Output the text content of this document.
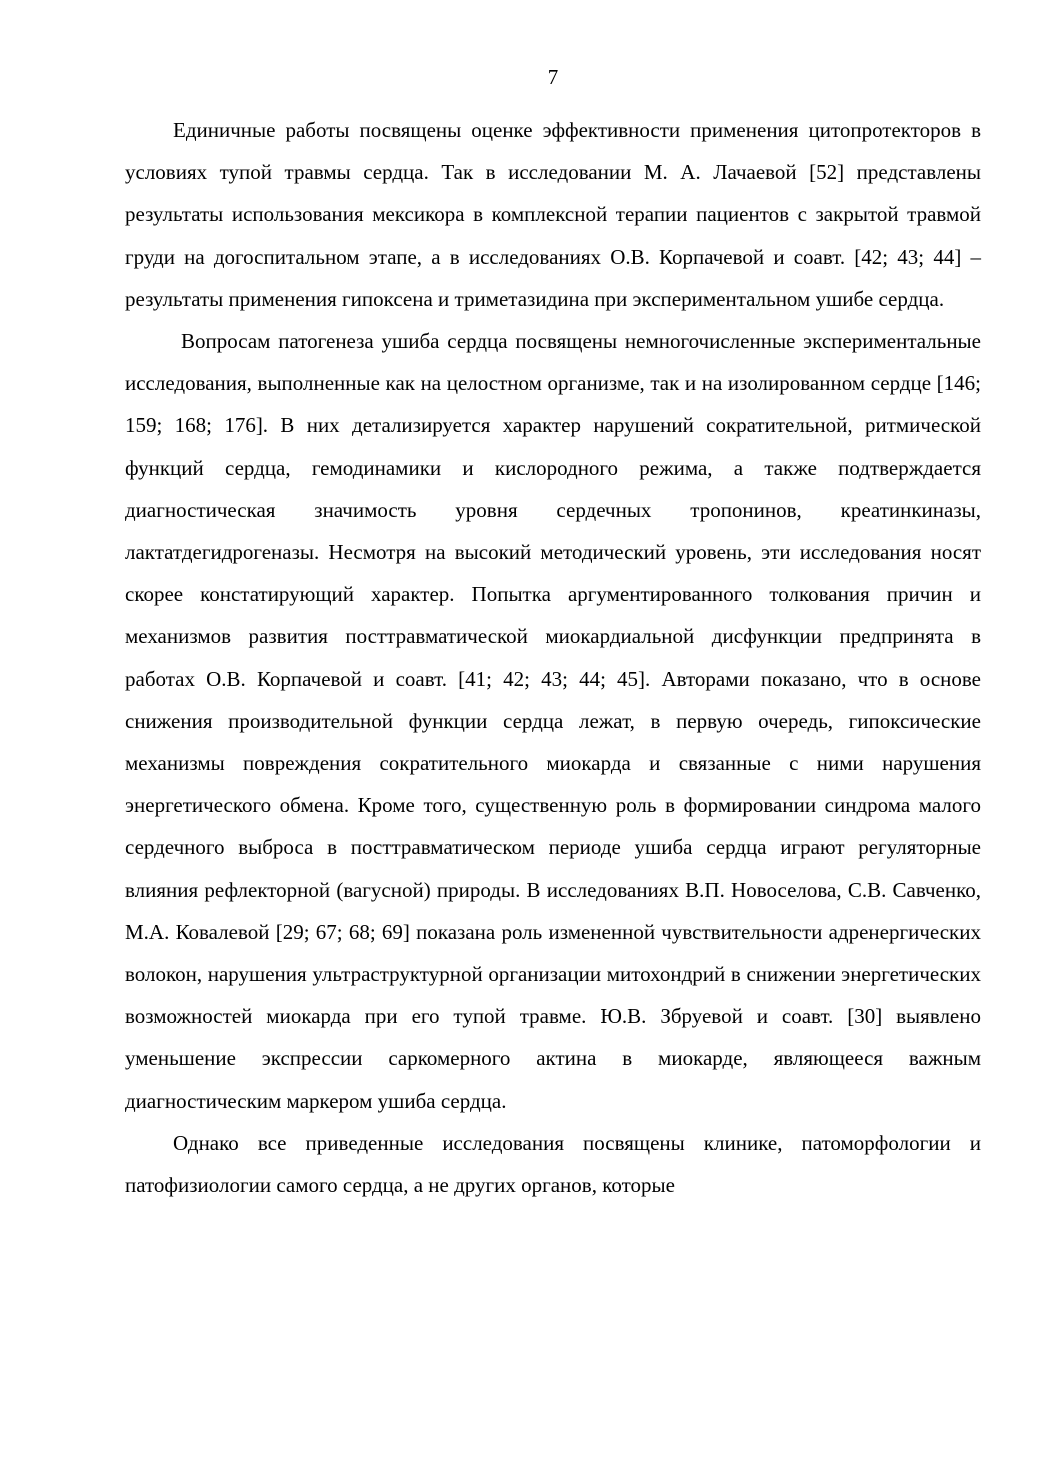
7

Единичные работы посвящены оценке эффективности применения цитопротекторов в условиях тупой травмы сердца. Так в исследовании М. А. Лачаевой [52] представлены результаты использования мексикора в комплексной терапии пациентов с закрытой травмой груди на догоспитальном этапе, а в исследованиях О.В. Корпачевой и соавт. [42; 43; 44] – результаты применения гипоксена и триметазидина при экспериментальном ушибе сердца.

Вопросам патогенеза ушиба сердца посвящены немногочисленные экспериментальные исследования, выполненные как на целостном организме, так и на изолированном сердце [146; 159; 168; 176]. В них детализируется характер нарушений сократительной, ритмической функций сердца, гемодинамики и кислородного режима, а также подтверждается диагностическая значимость уровня сердечных тропонинов, креатинкиназы, лактатдегидрогеназы. Несмотря на высокий методический уровень, эти исследования носят скорее констатирующий характер. Попытка аргументированного толкования причин и механизмов развития посттравматической миокардиальной дисфункции предпринята в работах О.В. Корпачевой и соавт. [41; 42; 43; 44; 45]. Авторами показано, что в основе снижения производительной функции сердца лежат, в первую очередь, гипоксические механизмы повреждения сократительного миокарда и связанные с ними нарушения энергетического обмена. Кроме того, существенную роль в формировании синдрома малого сердечного выброса в посттравматическом периоде ушиба сердца играют регуляторные влияния рефлекторной (вагусной) природы. В исследованиях В.П. Новоселова, С.В. Савченко, М.А. Ковалевой [29; 67; 68; 69] показана роль измененной чувствительности адренергических волокон, нарушения ультраструктурной организации митохондрий в снижении энергетических возможностей миокарда при его тупой травме. Ю.В. Збруевой и соавт. [30] выявлено уменьшение экспрессии саркомерного актина в миокарде, являющееся важным диагностическим маркером ушиба сердца.

Однако все приведенные исследования посвящены клинике, патоморфологии и патофизиологии самого сердца, а не других органов, которые
